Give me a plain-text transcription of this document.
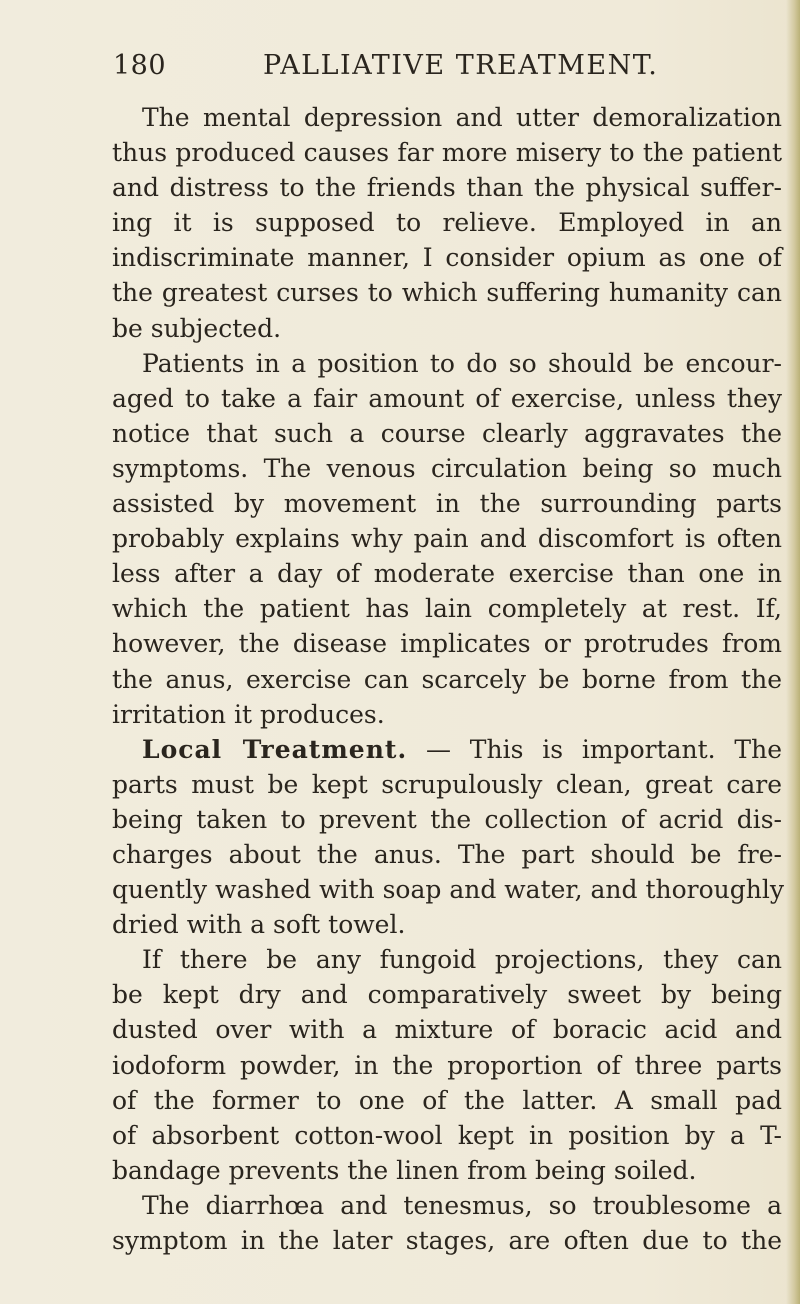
180	PALLIATIVE TREATMENT.
The mental depression and utter demoralization
thus produced causes far more misery to the patient
and distress to the friends than the physical suffer-
ing it is supposed to relieve. Employed in an
indiscriminate manner, I consider opium as one of
the greatest curses to which suffering humanity can
be subjected.
Patients in a position to do so should be encour-
aged to take a fair amount of exercise, unless they
notice that such a course clearly aggravates the
symptoms. The venous circulation being so much
assisted by movement in the surrounding parts
probably explains why pain and discomfort is often
less after a day of moderate exercise than one in
which the patient has lain completely at rest. If,
however, the disease implicates or protrudes from
the anus, exercise can scarcely be borne from the
irritation it produces.
Local Treatment. — This is important. The
parts must be kept scrupulously clean, great care
being taken to prevent the collection of acrid dis-
charges about the anus. The part should be fre-
quently washed with soap and water, and thoroughly
dried with a soft towel.
If there be any fungoid projections, they can
be kept dry and comparatively sweet by being
dusted over with a mixture of boracic acid and
iodoform powder, in the proportion of three parts
of the former to one of the latter. A small pad
of absorbent cotton-wool kept in position by a T-
bandage prevents the linen from being soiled.
The diarrhœa and tenesmus, so troublesome a
symptom in the later stages, are often due to the
